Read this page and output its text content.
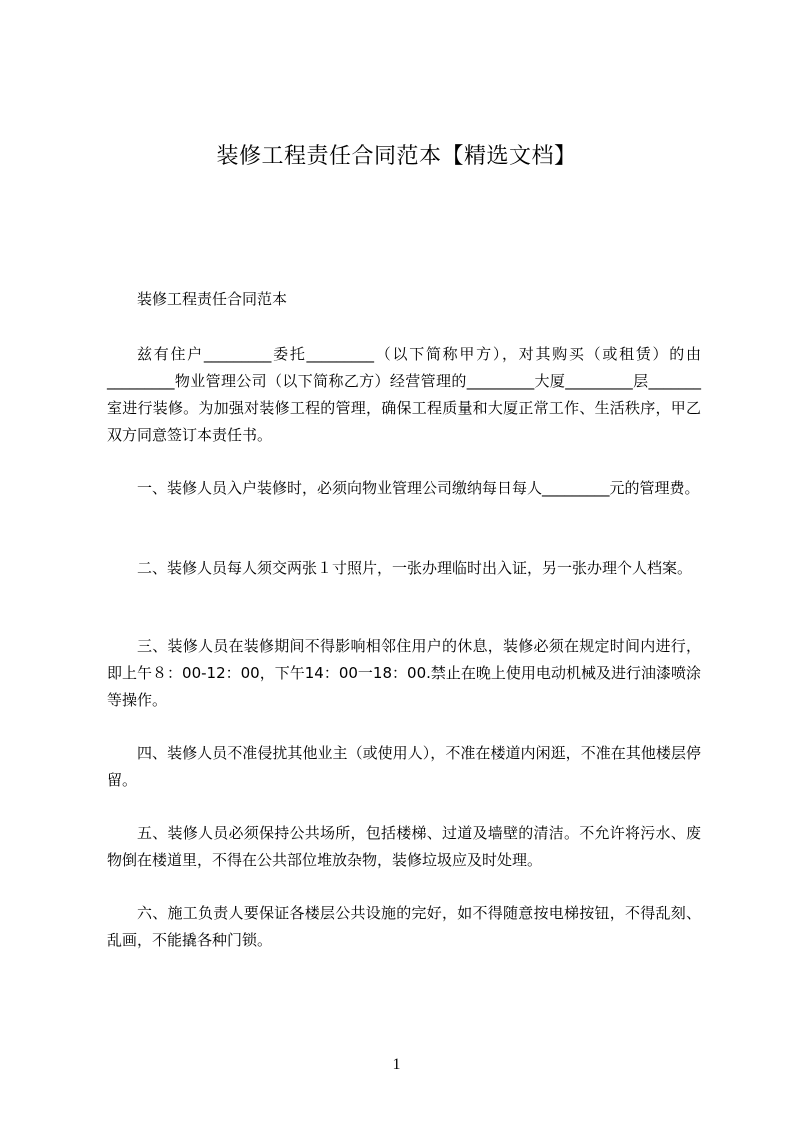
装修工程责任合同范本【精选文档】
装修工程责任合同范本

兹有住户_________委托_________（以下简称甲方），对其购买（或租赁）的由_________物业管理公司（以下简称乙方）经营管理的_________大厦_________层_______室进行装修。为加强对装修工程的管理，确保工程质量和大厦正常工作、生活秩序，甲乙双方同意签订本责任书。

一、装修人员入户装修时，必须向物业管理公司缴纳每日每人_________元的管理费。

二、装修人员每人须交两张１寸照片，一张办理临时出入证，另一张办理个人档案。

三、装修人员在装修期间不得影响相邻住用户的休息，装修必须在规定时间内进行，即上午８：00-12：00，下午14：00一18：00.禁止在晚上使用电动机械及进行油漆喷涂等操作。

四、装修人员不准侵扰其他业主（或使用人），不准在楼道内闲逛，不准在其他楼层停留。

五、装修人员必须保持公共场所，包括楼梯、过道及墙壁的清洁。不允许将污水、废物倒在楼道里，不得在公共部位堆放杂物，装修垃圾应及时处理。

六、施工负责人要保证各楼层公共设施的完好，如不得随意按电梯按钮，不得乱刻、乱画，不能撬各种门锁。

1
